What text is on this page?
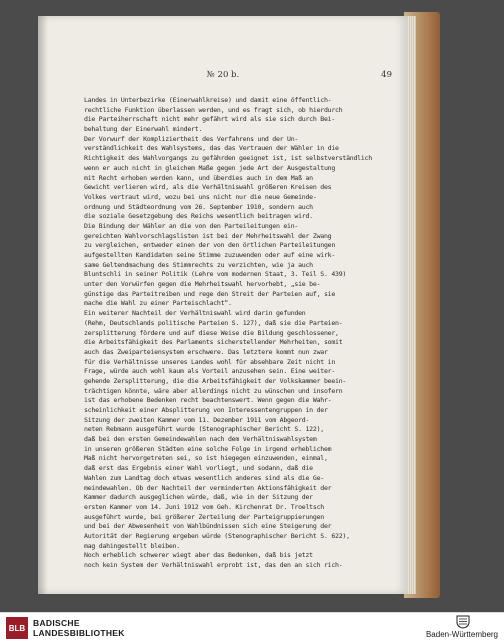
№ 20 b.	49
Landes in Unterbezirke (Einerwahlkreise) und damit eine öffentlich-
rechtliche Funktion überlassen werden, und es fragt sich, ob hierdurch
die Parteiherrschaft nicht mehr gefährt wird als sie sich durch Bei-
behaltung der Einerwahl mindert.
Der Vorwurf der Kompliziertheit des Verfahrens und der Un-
verständlichkeit des Wahlsystems, das das Vertrauen der Wähler in die
Richtigkeit des Wahlvorgangs zu gefährden geeignet ist, ist selbstverständlich
wenn er auch nicht in gleichem Maße gegen jede Art der Ausgestaltung
mit Recht erhoben werden kann, und überdies auch in dem Maß an
Gewicht verlieren wird, als die Verhältniswahl größeren Kreisen des
Volkes vertraut wird, wozu bei uns nicht nur die neue Gemeinde-
ordnung und Städteordnung vom 26. September 1910, sondern auch
die soziale Gesetzgebung des Reichs wesentlich beitragen wird.
Die Bindung der Wähler an die von den Parteileitungen ein-
gereichten Wahlvorschlagslisten ist bei der Mehrheitswahl der Zwang
zu vergleichen, entweder einen der von den örtlichen Parteileitungen
aufgestellten Kandidaten seine Stimme zuzuwenden oder auf eine wirk-
same Geltendmachung des Stimmrechts zu verzichten, wie ja auch
Bluntschli in seiner Politik (Lehre vom modernen Staat, 3. Teil S. 439)
unter den Vorwürfen gegen die Mehrheitswahl hervorhebt, „sie be-
günstige das Parteitreiben und rege den Streit der Parteien auf, sie
mache die Wahl zu einer Parteischlacht“.
Ein weiterer Nachteil der Verhältniswahl wird darin gefunden
(Rehm, Deutschlands politische Parteien S. 127), daß sie die Parteien-
zersplitterung fördere und auf diese Weise die Bildung geschlossener,
die Arbeitsfähigkeit des Parlaments sicherstellender Mehrheiten, somit
auch das Zweiparteiensystem erschwere. Das letztere kommt nun zwar
für die Verhältnisse unseres Landes wohl für absehbare Zeit nicht in
Frage, würde auch wohl kaum als Vorteil anzusehen sein. Eine weiter-
gehende Zersplitterung, die die Arbeitsfähigkeit der Volkskammer beein-
trächtigen könnte, wäre aber allerdings nicht zu wünschen und insofern
ist das erhobene Bedenken recht beachtenswert. Wenn gegen die Wahr-
scheinlichkeit einer Absplitterung von Interessentengruppen in der
Sitzung der zweiten Kammer vom 11. Dezember 1911 vom Abgeord-
neten Rebmann ausgeführt wurde (Stenographischer Bericht S. 122),
daß bei den ersten Gemeindewahlen nach dem Verhältniswahlsystem
in unseren größeren Städten eine solche Folge in irgend erheblichem
Maß nicht hervorgetreten sei, so ist hiegegen einzuwenden, einmal,
daß erst das Ergebnis einer Wahl vorliegt, und sodann, daß die
Wahlen zum Landtag doch etwas wesentlich anderes sind als die Ge-
meindewahlen. Ob der Nachteil der verminderten Aktionsfähigkeit der
Kammer dadurch ausgeglichen würde, daß, wie in der Sitzung der
ersten Kammer vom 14. Juni 1912 vom Geh. Kirchenrat Dr. Troeltsch
ausgeführt wurde, bei größerer Zerteilung der Parteigruppierungen
und bei der Abwesenheit von Wahlbündnissen sich eine Steigerung der
Autorität der Regierung ergeben würde (Stenographischer Bericht S. 622),
mag dahingestellt bleiben.
Noch erheblich schwerer wiegt aber das Bedenken, daß bis jetzt
noch kein System der Verhältniswahl erprobt ist, das den an sich rich-
BLB BADISCHE
LANDESBIBLIOTHEK	Baden-Württemberg
